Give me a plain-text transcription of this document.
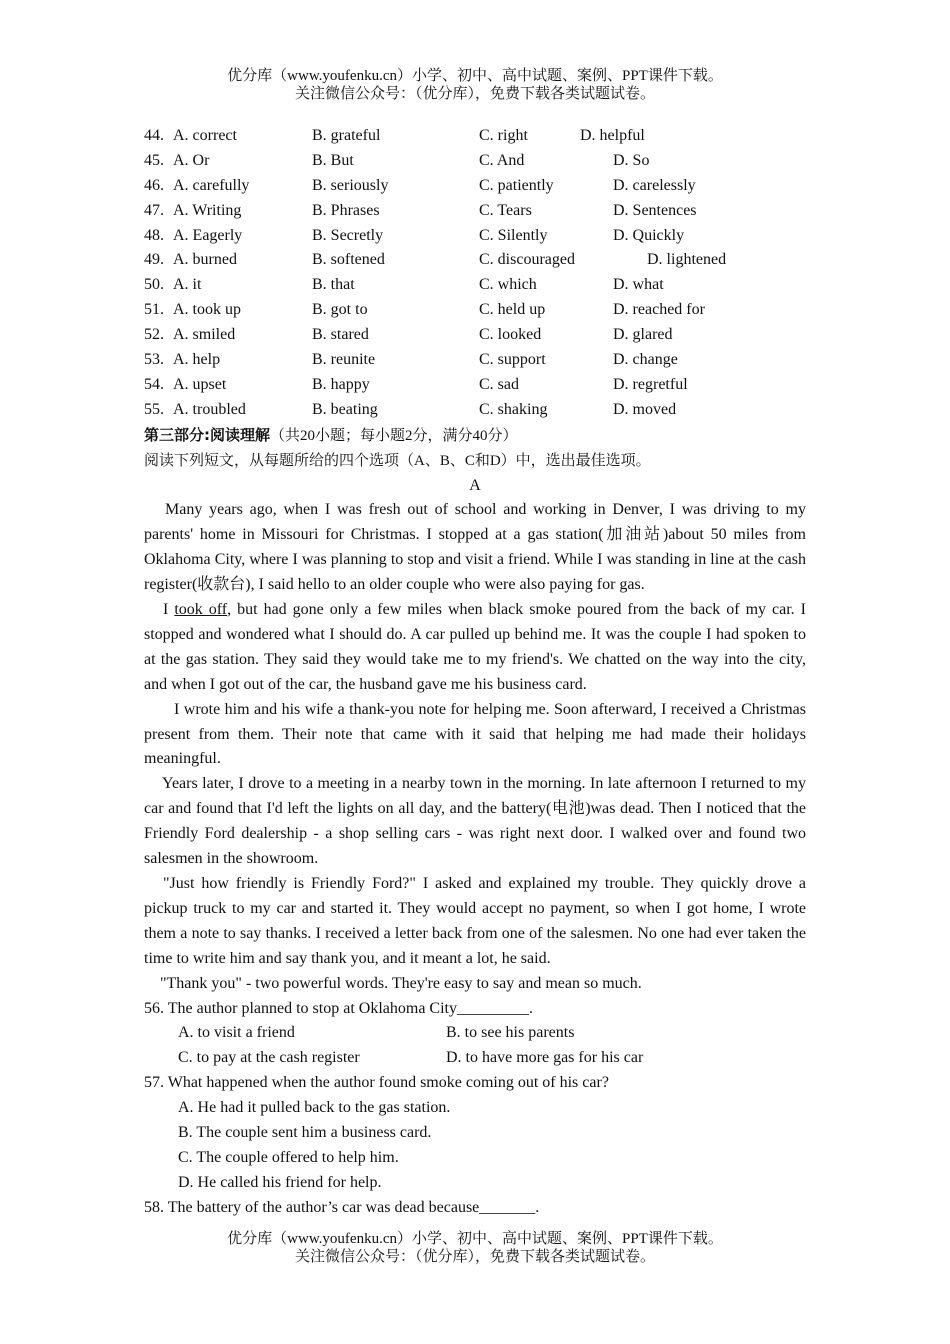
优分库（www.youfenku.cn）小学、初中、高中试题、案例、PPT课件下载。
关注微信公众号：（优分库），免费下载各类试题试卷。
44. A. correct	B. grateful	C. right	D. helpful
45. A. Or	B. But	C. And	D. So
46. A. carefully	B. seriously	C. patiently	D. carelessly
47. A. Writing	B. Phrases	C. Tears	D. Sentences
48. A. Eagerly	B. Secretly	C. Silently	D. Quickly
49. A. burned	B. softened	C. discouraged	D. lightened
50. A. it	B. that	C. which	D. what
51. A. took up	B. got to	C. held up	D. reached for
52. A. smiled	B. stared	C. looked	D. glared
53. A. help	B. reunite	C. support	D. change
54. A. upset	B. happy	C. sad	D. regretful
55. A. troubled	B. beating	C. shaking	D. moved
第三部分:阅读理解（共20小题；每小题2分，满分40分）
阅读下列短文，从每题所给的四个选项（A、B、C和D）中，选出最佳选项。
A

Many years ago, when I was fresh out of school and working in Denver, I was driving to my parents' home in Missouri for Christmas. I stopped at a gas station(加油站)about 50 miles from Oklahoma City, where I was planning to stop and visit a friend. While I was standing in line at the cash register(收款台), I said hello to an older couple who were also paying for gas.

I took off, but had gone only a few miles when black smoke poured from the back of my car. I stopped and wondered what I should do. A car pulled up behind me. It was the couple I had spoken to at the gas station. They said they would take me to my friend's. We chatted on the way into the city, and when I got out of the car, the husband gave me his business card.

I wrote him and his wife a thank-you note for helping me. Soon afterward, I received a Christmas present from them. Their note that came with it said that helping me had made their holidays meaningful.

Years later, I drove to a meeting in a nearby town in the morning. In late afternoon I returned to my car and found that I'd left the lights on all day, and the battery(电池)was dead. Then I noticed that the Friendly Ford dealership - a shop selling cars - was right next door. I walked over and found two salesmen in the showroom.

"Just how friendly is Friendly Ford?" I asked and explained my trouble. They quickly drove a pickup truck to my car and started it. They would accept no payment, so when I got home, I wrote them a note to say thanks. I received a letter back from one of the salesmen. No one had ever taken the time to write him and say thank you, and it meant a lot, he said.

"Thank you" - two powerful words. They're easy to say and mean so much.

56. The author planned to stop at Oklahoma City_________.
A. to visit a friend	B. to see his parents
C. to pay at the cash register	D. to have more gas for his car
57. What happened when the author found smoke coming out of his car?
A. He had it pulled back to the gas station.
B. The couple sent him a business card.
C. The couple offered to help him.
D. He called his friend for help.
58. The battery of the author’s car was dead because_______.
优分库（www.youfenku.cn）小学、初中、高中试题、案例、PPT课件下载。
关注微信公众号：（优分库），免费下载各类试题试卷。
